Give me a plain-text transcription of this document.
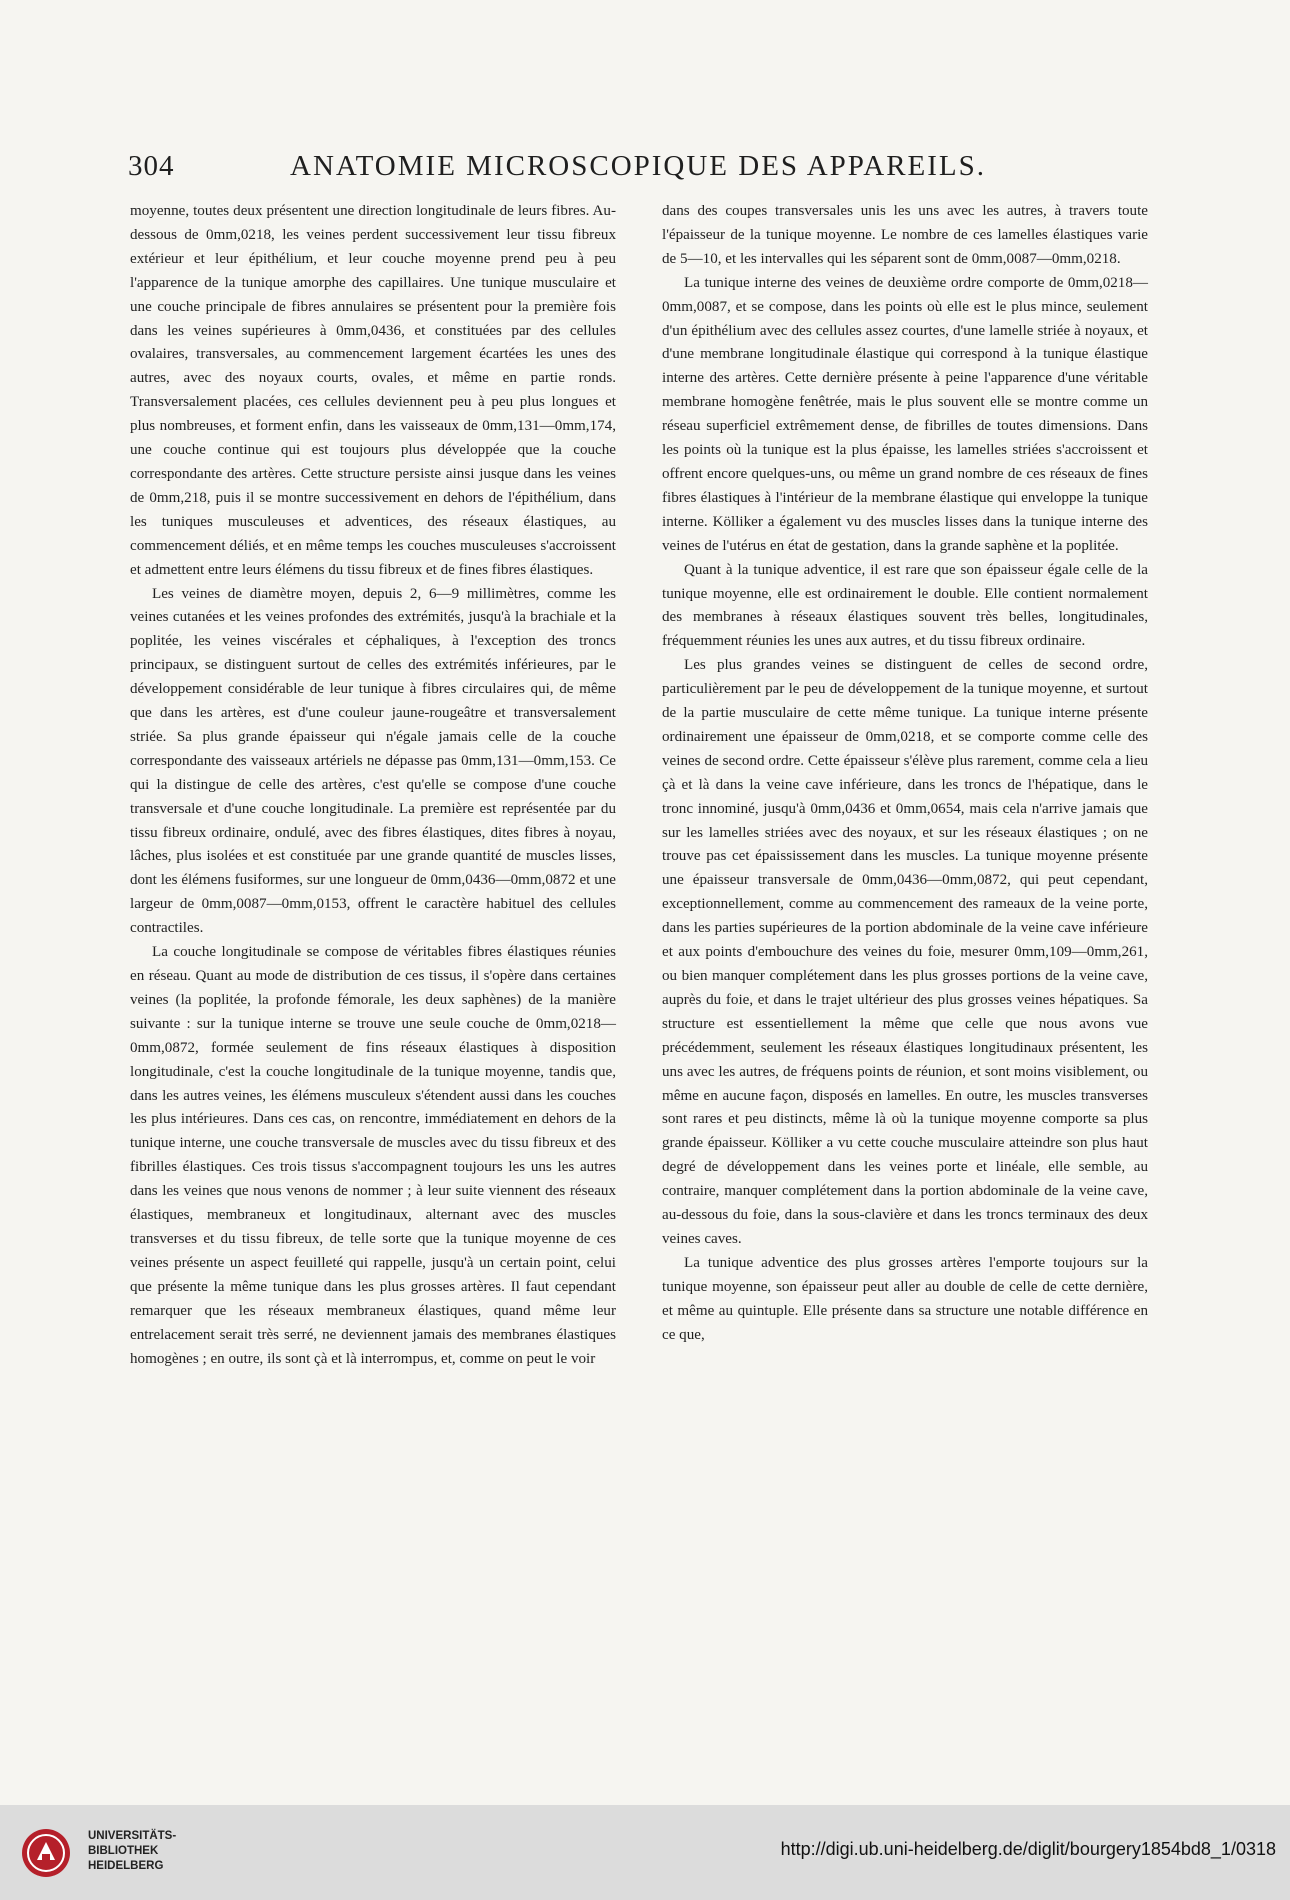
304	ANATOMIE MICROSCOPIQUE DES APPAREILS.

moyenne, toutes deux présentent une direction longitudinale de leurs fibres. Au-dessous de 0mm,0218, les veines perdent successivement leur tissu fibreux extérieur et leur épithélium, et leur couche moyenne prend peu à peu l'apparence de la tunique amorphe des capillaires. Une tunique musculaire et une couche principale de fibres annulaires se présentent pour la première fois dans les veines supérieures à 0mm,0436, et constituées par des cellules ovalaires, transversales, au commencement largement écartées les unes des autres, avec des noyaux courts, ovales, et même en partie ronds. Transversalement placées, ces cellules deviennent peu à peu plus longues et plus nombreuses, et forment enfin, dans les vaisseaux de 0mm,131—0mm,174, une couche continue qui est toujours plus développée que la couche correspondante des artères. Cette structure persiste ainsi jusque dans les veines de 0mm,218, puis il se montre successivement en dehors de l'épithélium, dans les tuniques musculeuses et adventices, des réseaux élastiques, au commencement déliés, et en même temps les couches musculeuses s'accroissent et admettent entre leurs élémens du tissu fibreux et de fines fibres élastiques.

Les veines de diamètre moyen, depuis 2, 6—9 millimètres, comme les veines cutanées et les veines profondes des extrémités, jusqu'à la brachiale et la poplitée, les veines viscérales et céphaliques, à l'exception des troncs principaux, se distinguent surtout de celles des extrémités inférieures, par le développement considérable de leur tunique à fibres circulaires qui, de même que dans les artères, est d'une couleur jaune-rougeâtre et transversalement striée. Sa plus grande épaisseur qui n'égale jamais celle de la couche correspondante des vaisseaux artériels ne dépasse pas 0mm,131—0mm,153. Ce qui la distingue de celle des artères, c'est qu'elle se compose d'une couche transversale et d'une couche longitudinale. La première est représentée par du tissu fibreux ordinaire, ondulé, avec des fibres élastiques, dites fibres à noyau, lâches, plus isolées et est constituée par une grande quantité de muscles lisses, dont les élémens fusiformes, sur une longueur de 0mm,0436—0mm,0872 et une largeur de 0mm,0087—0mm,0153, offrent le caractère habituel des cellules contractiles.

La couche longitudinale se compose de véritables fibres élastiques réunies en réseau. Quant au mode de distribution de ces tissus, il s'opère dans certaines veines (la poplitée, la profonde fémorale, les deux saphènes) de la manière suivante : sur la tunique interne se trouve une seule couche de 0mm,0218—0mm,0872, formée seulement de fins réseaux élastiques à disposition longitudinale, c'est la couche longitudinale de la tunique moyenne, tandis que, dans les autres veines, les élémens musculeux s'étendent aussi dans les couches les plus intérieures. Dans ces cas, on rencontre, immédiatement en dehors de la tunique interne, une couche transversale de muscles avec du tissu fibreux et des fibrilles élastiques. Ces trois tissus s'accompagnent toujours les uns les autres dans les veines que nous venons de nommer ; à leur suite viennent des réseaux élastiques, membraneux et longitudinaux, alternant avec des muscles transverses et du tissu fibreux, de telle sorte que la tunique moyenne de ces veines présente un aspect feuilleté qui rappelle, jusqu'à un certain point, celui que présente la même tunique dans les plus grosses artères. Il faut cependant remarquer que les réseaux membraneux élastiques, quand même leur entrelacement serait très serré, ne deviennent jamais des membranes élastiques homogènes ; en outre, ils sont çà et là interrompus, et, comme on peut le voir

dans des coupes transversales unis les uns avec les autres, à travers toute l'épaisseur de la tunique moyenne. Le nombre de ces lamelles élastiques varie de 5—10, et les intervalles qui les séparent sont de 0mm,0087—0mm,0218.

La tunique interne des veines de deuxième ordre comporte de 0mm,0218—0mm,0087, et se compose, dans les points où elle est le plus mince, seulement d'un épithélium avec des cellules assez courtes, d'une lamelle striée à noyaux, et d'une membrane longitudinale élastique qui correspond à la tunique élastique interne des artères. Cette dernière présente à peine l'apparence d'une véritable membrane homogène fenêtrée, mais le plus souvent elle se montre comme un réseau superficiel extrêmement dense, de fibrilles de toutes dimensions. Dans les points où la tunique est la plus épaisse, les lamelles striées s'accroissent et offrent encore quelques-uns, ou même un grand nombre de ces réseaux de fines fibres élastiques à l'intérieur de la membrane élastique qui enveloppe la tunique interne. Kölliker a également vu des muscles lisses dans la tunique interne des veines de l'utérus en état de gestation, dans la grande saphène et la poplitée.

Quant à la tunique adventice, il est rare que son épaisseur égale celle de la tunique moyenne, elle est ordinairement le double. Elle contient normalement des membranes à réseaux élastiques souvent très belles, longitudinales, fréquemment réunies les unes aux autres, et du tissu fibreux ordinaire.

Les plus grandes veines se distinguent de celles de second ordre, particulièrement par le peu de développement de la tunique moyenne, et surtout de la partie musculaire de cette même tunique. La tunique interne présente ordinairement une épaisseur de 0mm,0218, et se comporte comme celle des veines de second ordre. Cette épaisseur s'élève plus rarement, comme cela a lieu çà et là dans la veine cave inférieure, dans les troncs de l'hépatique, dans le tronc innominé, jusqu'à 0mm,0436 et 0mm,0654, mais cela n'arrive jamais que sur les lamelles striées avec des noyaux, et sur les réseaux élastiques ; on ne trouve pas cet épaississement dans les muscles. La tunique moyenne présente une épaisseur transversale de 0mm,0436—0mm,0872, qui peut cependant, exceptionnellement, comme au commencement des rameaux de la veine porte, dans les parties supérieures de la portion abdominale de la veine cave inférieure et aux points d'embouchure des veines du foie, mesurer 0mm,109—0mm,261, ou bien manquer complétement dans les plus grosses portions de la veine cave, auprès du foie, et dans le trajet ultérieur des plus grosses veines hépatiques. Sa structure est essentiellement la même que celle que nous avons vue précédemment, seulement les réseaux élastiques longitudinaux présentent, les uns avec les autres, de fréquens points de réunion, et sont moins visiblement, ou même en aucune façon, disposés en lamelles. En outre, les muscles transverses sont rares et peu distincts, même là où la tunique moyenne comporte sa plus grande épaisseur. Kölliker a vu cette couche musculaire atteindre son plus haut degré de développement dans les veines porte et linéale, elle semble, au contraire, manquer complétement dans la portion abdominale de la veine cave, au-dessous du foie, dans la sous-clavière et dans les troncs terminaux des deux veines caves.

La tunique adventice des plus grosses artères l'emporte toujours sur la tunique moyenne, son épaisseur peut aller au double de celle de cette dernière, et même au quintuple. Elle présente dans sa structure une notable différence en ce que,

UNIVERSITÄTS-
BIBLIOTHEK
HEIDELBERG
http://digi.ub.uni-heidelberg.de/diglit/bourgery1854bd8_1/0318
